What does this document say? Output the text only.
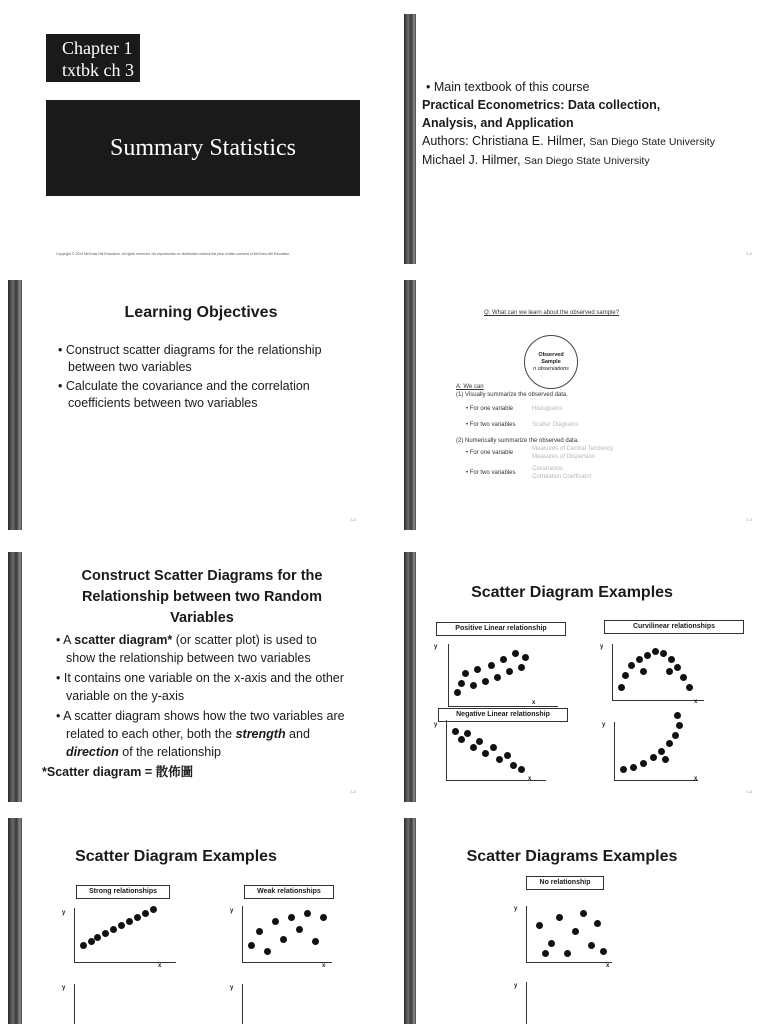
Chapter 1
txtbk ch 3
Summary Statistics
Copyright © 2014 McGraw-Hill Education. All rights reserved. No reproduction or distribution without the prior written consent of McGraw-Hill Education.
• Main textbook of this course
Practical Econometrics: Data collection, Analysis, and Application
Authors: Christiana E. Hilmer, San Diego State University
Michael J. Hilmer, San Diego State University
3-2
Learning Objectives
• Construct scatter diagrams for the relationship between two variables
• Calculate the covariance and the correlation coefficients between two variables
3-3
Q: What can we learn about the observed sample?
Observed
Sample
n observations
A: We can
(1) Visually summarize the observed data.
• For one variable	Histograms
• For two variables	Scatter Diagrams
(2) Numerically summarize the observed data.
• For one variable
Measures of Central Tendency
Measures of Dispersion
• For two variables
Covariance,
Correlation Coefficient
3-4
Construct Scatter Diagrams for the Relationship between two Random Variables
• A scatter diagram* (or scatter plot) is used to show the relationship between two variables
• It contains one variable on the x-axis and the other variable on the y-axis
• A scatter diagram shows how the two variables are related to each other, both the strength and direction of the relationship
*Scatter diagram = 散佈圖
3-5
Scatter Diagram Examples
Positive Linear relationship	Curvilinear relationships
y
x
y
x
Negative Linear relationship
y
x
y
x
3-6
Scatter Diagram Examples
Strong relationships	Weak relationships
y
x
y
x
y	y
Scatter Diagrams Examples
No relationship
y
x
y
